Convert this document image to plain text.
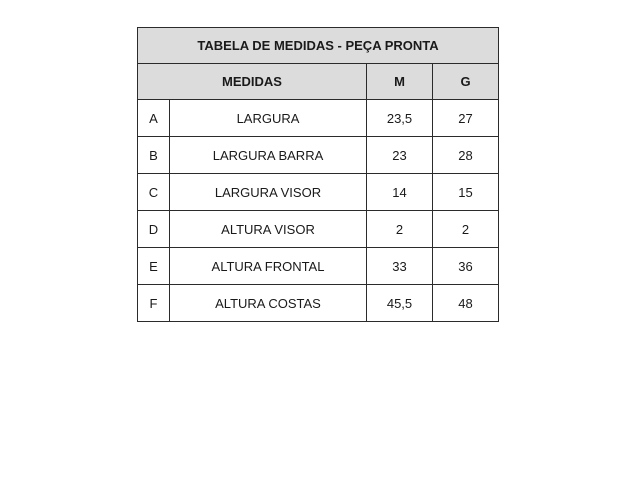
TABELA DE MEDIDAS - PEÇA PRONTA			
MEDIDAS		M	G
A	LARGURA	23,5	27
B	LARGURA BARRA	23	28
C	LARGURA VISOR	14	15
D	ALTURA VISOR	2	2
E	ALTURA FRONTAL	33	36
F	ALTURA COSTAS	45,5	48
